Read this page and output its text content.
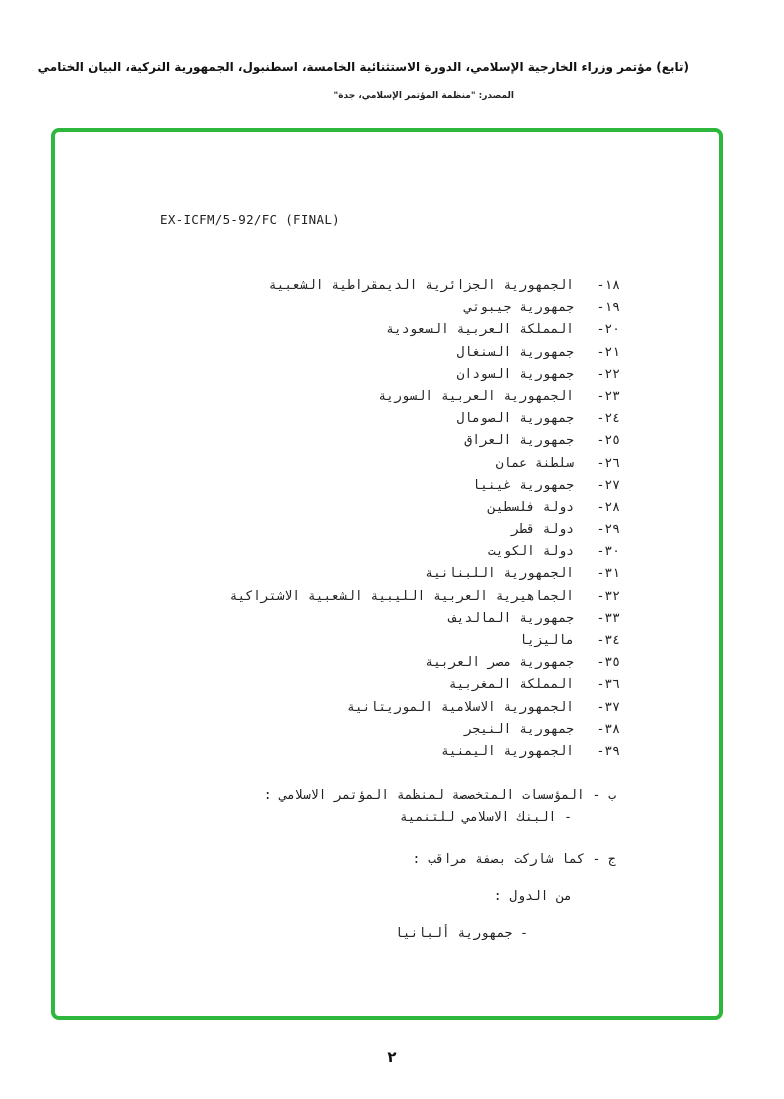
(تابع) مؤتمر وزراء الخارجية الإسلامي، الدورة الاستثنائية الخامسة، اسطنبول، الجمهورية التركية، البيان الختامي
المصدر: "منظمة المؤتمر الإسلامي، جدة"
EX-ICFM/5-92/FC (FINAL)
١٨-الجمهورية الجزائرية الديمقراطية الشعبية
١٩-جمهورية جيبوتي
٢٠-المملكة العربية السعودية
٢١-جمهورية السنغال
٢٢-جمهورية السودان
٢٣-الجمهورية العربية السورية
٢٤-جمهورية الصومال
٢٥-جمهورية العراق
٢٦-سلطنة عمان
٢٧-جمهورية غينيا
٢٨-دولة فلسطين
٢٩-دولة قطر
٣٠-دولة الكويت
٣١-الجمهورية اللبنانية
٣٢-الجماهيرية العربية الليبية الشعبية الاشتراكية
٣٣-جمهورية المالديف
٣٤-ماليزيا
٣٥-جمهورية مصر العربية
٣٦-المملكة المغربية
٣٧-الجمهورية الاسلامية الموريتانية
٣٨-جمهورية النيجر
٣٩-الجمهورية اليمنية
ب - المؤسسات المتخصصة لمنظمة المؤتمر الاسلامي :
- البنك الاسلامي للتنمية
ج - كما شاركت بصفة مراقب :
من الدول :
- جمهورية ألبانيا
٢
